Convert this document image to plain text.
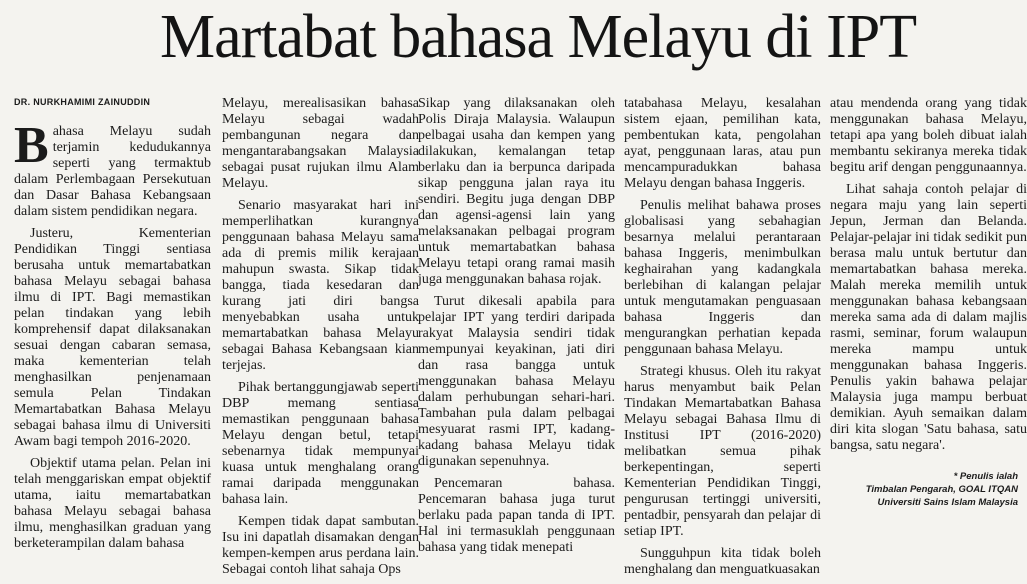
Martabat bahasa Melayu di IPT
DR. NURKHAMIMI ZAINUDDIN

Bahasa Melayu sudah terjamin kedudukannya seperti yang termaktub dalam Perlembagaan Persekutuan dan Dasar Bahasa Kebangsaan dalam sistem pendidikan negara.

Justeru, Kementerian Pendidikan Tinggi sentiasa berusaha untuk memartabatkan bahasa Melayu sebagai bahasa ilmu di IPT. Bagi memastikan pelan tindakan yang lebih komprehensif dapat dilaksanakan sesuai dengan cabaran semasa, maka kementerian telah menghasilkan penjenamaan semula Pelan Tindakan Memartabatkan Bahasa Melayu sebagai bahasa ilmu di Universiti Awam bagi tempoh 2016-2020.

Objektif utama pelan. Pelan ini telah menggariskan empat objektif utama, iaitu memartabatkan bahasa Melayu sebagai bahasa ilmu, menghasilkan graduan yang berketerampilan dalam bahasa

Melayu, merealisasikan bahasa Melayu sebagai wadah pembangunan negara dan mengantarabangsakan Malaysia sebagai pusat rujukan ilmu Alam Melayu.

Senario masyarakat hari ini memperlihatkan kurangnya penggunaan bahasa Melayu sama ada di premis milik kerajaan mahupun swasta. Sikap tidak bangga, tiada kesedaran dan kurang jati diri bangsa menyebabkan usaha untuk memartabatkan bahasa Melayu sebagai Bahasa Kebangsaan kian terjejas.

Pihak bertanggungjawab seperti DBP memang sentiasa memastikan penggunaan bahasa Melayu dengan betul, tetapi sebenarnya tidak mempunyai kuasa untuk menghalang orang ramai daripada menggunakan bahasa lain.

Kempen tidak dapat sambutan. Isu ini dapatlah disamakan dengan kempen-kempen arus perdana lain. Sebagai contoh lihat sahaja Ops

Sikap yang dilaksanakan oleh Polis Diraja Malaysia. Walaupun pelbagai usaha dan kempen yang dilakukan, kemalangan tetap berlaku dan ia berpunca daripada sikap pengguna jalan raya itu sendiri. Begitu juga dengan DBP dan agensi-agensi lain yang melaksanakan pelbagai program untuk memartabatkan bahasa Melayu tetapi orang ramai masih juga menggunakan bahasa rojak.

Turut dikesali apabila para pelajar IPT yang terdiri daripada rakyat Malaysia sendiri tidak mempunyai keyakinan, jati diri dan rasa bangga untuk menggunakan bahasa Melayu dalam perhubungan sehari-hari. Tambahan pula dalam pelbagai mesyuarat rasmi IPT, kadang-kadang bahasa Melayu tidak digunakan sepenuhnya.

Pencemaran bahasa. Pencemaran bahasa juga turut berlaku pada papan tanda di IPT. Hal ini termasuklah penggunaan bahasa yang tidak menepati

tatabahasa Melayu, kesalahan sistem ejaan, pemilihan kata, pembentukan kata, pengolahan ayat, penggunaan laras, atau pun mencampuradukkan bahasa Melayu dengan bahasa Inggeris.

Penulis melihat bahawa proses globalisasi yang sebahagian besarnya melalui perantaraan bahasa Inggeris, menimbulkan keghairahan yang kadangkala berlebihan di kalangan pelajar untuk mengutamakan penguasaan bahasa Inggeris dan mengurangkan perhatian kepada penggunaan bahasa Melayu.

Strategi khusus. Oleh itu rakyat harus menyambut baik Pelan Tindakan Memartabatkan Bahasa Melayu sebagai Bahasa Ilmu di Institusi IPT (2016-2020) melibatkan semua pihak berkepentingan, seperti Kementerian Pendidikan Tinggi, pengurusan tertinggi universiti, pentadbir, pensyarah dan pelajar di setiap IPT.

Sungguhpun kita tidak boleh menghalang dan menguatkuasakan

atau mendenda orang yang tidak menggunakan bahasa Melayu, tetapi apa yang boleh dibuat ialah membantu sekiranya mereka tidak begitu arif dengan penggunaannya.

Lihat sahaja contoh pelajar di negara maju yang lain seperti Jepun, Jerman dan Belanda. Pelajar-pelajar ini tidak sedikit pun berasa malu untuk bertutur dan memartabatkan bahasa mereka. Malah mereka memilih untuk menggunakan bahasa kebangsaan mereka sama ada di dalam majlis rasmi, seminar, forum walaupun mereka mampu untuk menggunakan bahasa Inggeris. Penulis yakin bahawa pelajar Malaysia juga mampu berbuat demikian. Ayuh semaikan dalam diri kita slogan 'Satu bahasa, satu bangsa, satu negara'.

* Penulis ialah
Timbalan Pengarah, GOAL ITQAN
Universiti Sains Islam Malaysia
